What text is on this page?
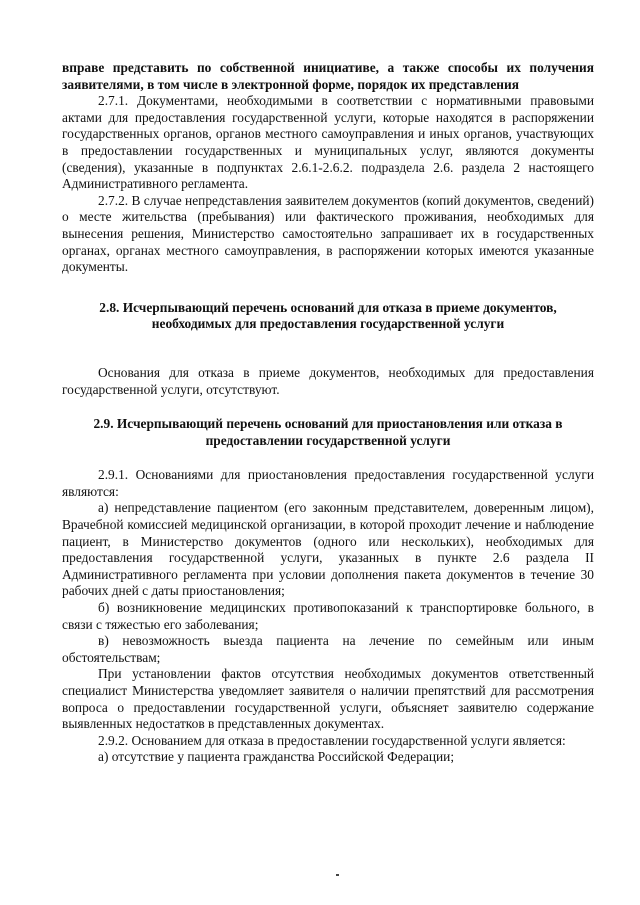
вправе представить по собственной инициативе, а также способы их получения заявителями, в том числе в электронной форме, порядок их представления

2.7.1. Документами, необходимыми в соответствии с нормативными правовыми актами для предоставления государственной услуги, которые находятся в распоряжении государственных органов, органов местного самоуправления и иных органов, участвующих в предоставлении государственных и муниципальных услуг, являются документы (сведения), указанные в подпунктах 2.6.1-2.6.2. подраздела 2.6. раздела 2 настоящего Административного регламента.

2.7.2. В случае непредставления заявителем документов (копий документов, сведений) о месте жительства (пребывания) или фактического проживания, необходимых для вынесения решения, Министерство самостоятельно запрашивает их в государственных органах, органах местного самоуправления, в распоряжении которых имеются указанные документы.

2.8. Исчерпывающий перечень оснований для отказа в приеме документов, необходимых для предоставления государственной услуги

Основания для отказа в приеме документов, необходимых для предоставления государственной услуги, отсутствуют.

2.9. Исчерпывающий перечень оснований для приостановления или отказа в предоставлении государственной услуги

2.9.1. Основаниями для приостановления предоставления государственной услуги являются:

а) непредставление пациентом (его законным представителем, доверенным лицом), Врачебной комиссией медицинской организации, в которой проходит лечение и наблюдение пациент, в Министерство документов (одного или нескольких), необходимых для предоставления государственной услуги, указанных в пункте 2.6 раздела II Административного регламента при условии дополнения пакета документов в течение 30 рабочих дней с даты приостановления;

б) возникновение медицинских противопоказаний к транспортировке больного, в связи с тяжестью его заболевания;

в) невозможность выезда пациента на лечение по семейным или иным обстоятельствам;

При установлении фактов отсутствия необходимых документов ответственный специалист Министерства уведомляет заявителя о наличии препятствий для рассмотрения вопроса о предоставлении государственной услуги, объясняет заявителю содержание выявленных недостатков в представленных документах.

2.9.2. Основанием для отказа в предоставлении государственной услуги является:

а) отсутствие у пациента гражданства Российской Федерации;
